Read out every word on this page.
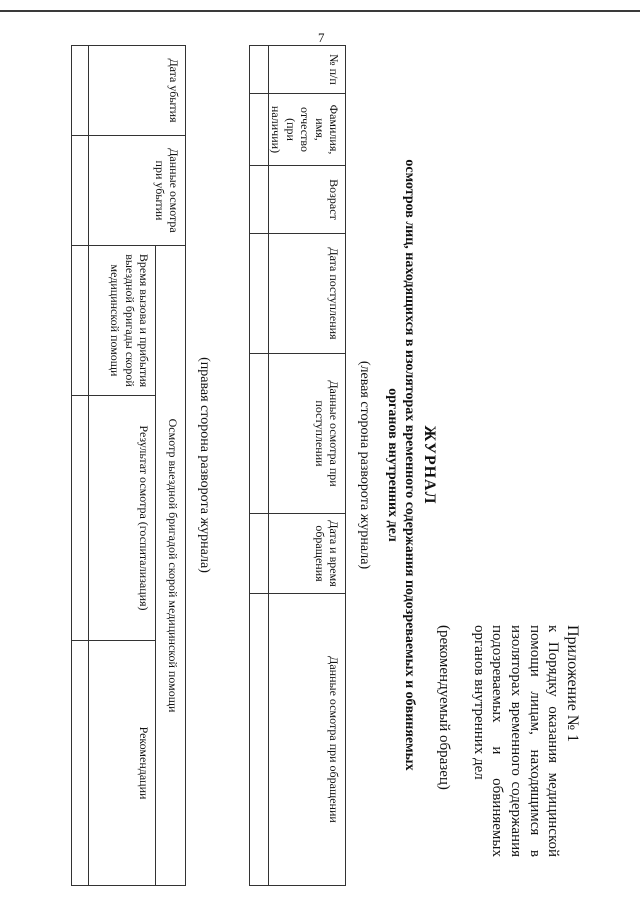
7
Приложение № 1
к Порядку оказания медицинской помощи лицам, находящимся в изоляторах временного содержания подозреваемых и обвиняемых органов внутренних дел
(рекомендуемый образец)
ЖУРНАЛ
осмотров лиц, находящихся в изоляторах временного содержания подозреваемых и обвиняемых органов внутренних дел
(левая сторона разворота журнала)
№ п/п	Фамилия, имя, отчество (при наличии)	Возраст	Дата поступления	Данные осмотра при поступлении	Дата и время обращения	Данные осмотра при обращении

(правая сторона разворота журнала)
Дата убытия	Данные осмотра при убытии	Осмотр выездной бригадой скорой медицинской помощи		
		Время вызова и прибытия выездной бригады скорой медицинской помощи	Результат осмотра (госпитализация)	Рекомендации
